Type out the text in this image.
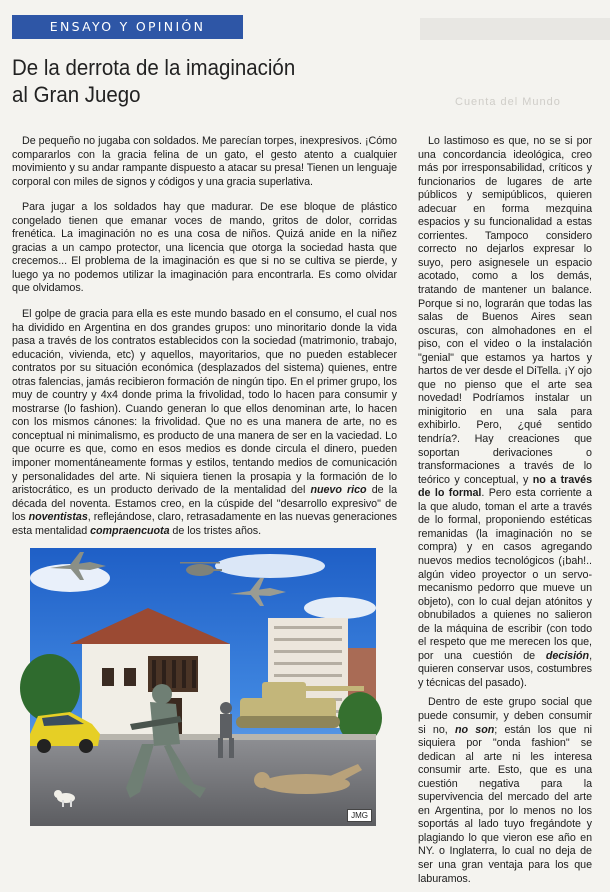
ENSAYO Y OPINIÓN
De la derrota de la imaginación
al Gran Juego	Cuenta del Mundo

De pequeño no jugaba con soldados. Me parecían torpes, inexpresivos. ¡Cómo compararlos con la gracia felina de un gato, el gesto atento a cualquier movimiento y su andar rampante dispuesto a atacar su presa! Tienen un lenguaje corporal con miles de signos y códigos y una gracia superlativa.

Para jugar a los soldados hay que madurar. De ese bloque de plástico congelado tienen que emanar voces de mando, gritos de dolor, corridas frenética. La imaginación no es una cosa de niños. Quizá anide en la niñez gracias a un campo protector, una licencia que otorga la sociedad hasta que crecemos... El problema de la imaginación es que si no se cultiva se pierde, y luego ya no podemos utilizar la imaginación para encontrarla. Es como olvidar que olvidamos.

El golpe de gracia para ella es este mundo basado en el consumo, el cual nos ha dividido en Argentina en dos grandes grupos: uno minoritario donde la vida pasa a través de los contratos establecidos con la sociedad (matrimonio, trabajo, educación, vivienda, etc) y aquellos, mayoritarios, que no pueden establecer contratos por su situación económica (desplazados del sistema) quienes, entre otras falencias, jamás recibieron formación de ningún tipo. En el primer grupo, los muy de country y 4x4 donde prima la frivolidad, todo lo hacen para consumir y mostrarse (lo fashion). Cuando generan lo que ellos denominan arte, lo hacen con los mismos cánones: la frivolidad. Que no es una manera de arte, no es conceptual ni minimalismo, es producto de una manera de ser en la vaciedad. Lo que ocurre es que, como en esos medios es donde circula el dinero, pueden imponer momentáneamente formas y estilos, tentando medios de comunicación y personalidades del arte. Ni siquiera tienen la prosapia y la formación de lo aristocrático, es un producto derivado de la mentalidad del nuevo rico de la década del noventa. Estamos creo, en la cúspide del "desarrollo expresivo" de los noventistas, reflejándose, claro, retrasadamente en las nuevas generaciones esta mentalidad compraencuota de los tristes años.

Lo lastimoso es que, no se si por una concordancia ideológica, creo más por irresponsabilidad, críticos y funcionarios de lugares de arte públicos y semipúblicos, quieren adecuar en forma mezquina espacios y su funcionalidad a estas corrientes. Tampoco considero correcto no dejarlos expresar lo suyo, pero asignesele un espacio acotado, como a los demás, tratando de mantener un balance. Porque si no, lograrán que todas las salas de Buenos Aires sean oscuras, con almohadones en el piso, con el video o la instalación "genial" que estamos ya hartos y hartos de ver desde el DiTella. ¡Y ojo que no pienso que el arte sea novedad! Podríamos instalar un minigitorio en una sala para exhibirlo. Pero, ¿qué sentido tendría?. Hay creaciones que soportan derivaciones o transformaciones a través de lo teórico y conceptual, y no a través de lo formal. Pero esta corriente a la que aludo, toman el arte a través de lo formal, proponiendo estéticas remanidas (la imaginación no se compra) y en casos agregando nuevos medios tecnológicos (¡bah!.. algún video proyector o un servo-mecanismo pedorro que mueve un objeto), con lo cual dejan atónitos y obnubilados a quienes no salieron de la máquina de escribir (con todo el respeto que me merecen los que, por una cuestión de decisión, quieren conservar usos, costumbres y técnicas del pasado).

Dentro de este grupo social que puede consumir, y deben consumir si no, no son; están los que ni siquiera por "onda fashion" se dedican al arte ni les interesa consumir arte. Esto, que es una cuestión negativa para la supervivencia del mercado del arte en Argentina, por lo menos no los soportás al lado tuyo fregándote y plagiando lo que vieron ese año en NY. o Inglaterra, lo cual no deja de ser una gran ventaja para los que laburamos.

JMG
